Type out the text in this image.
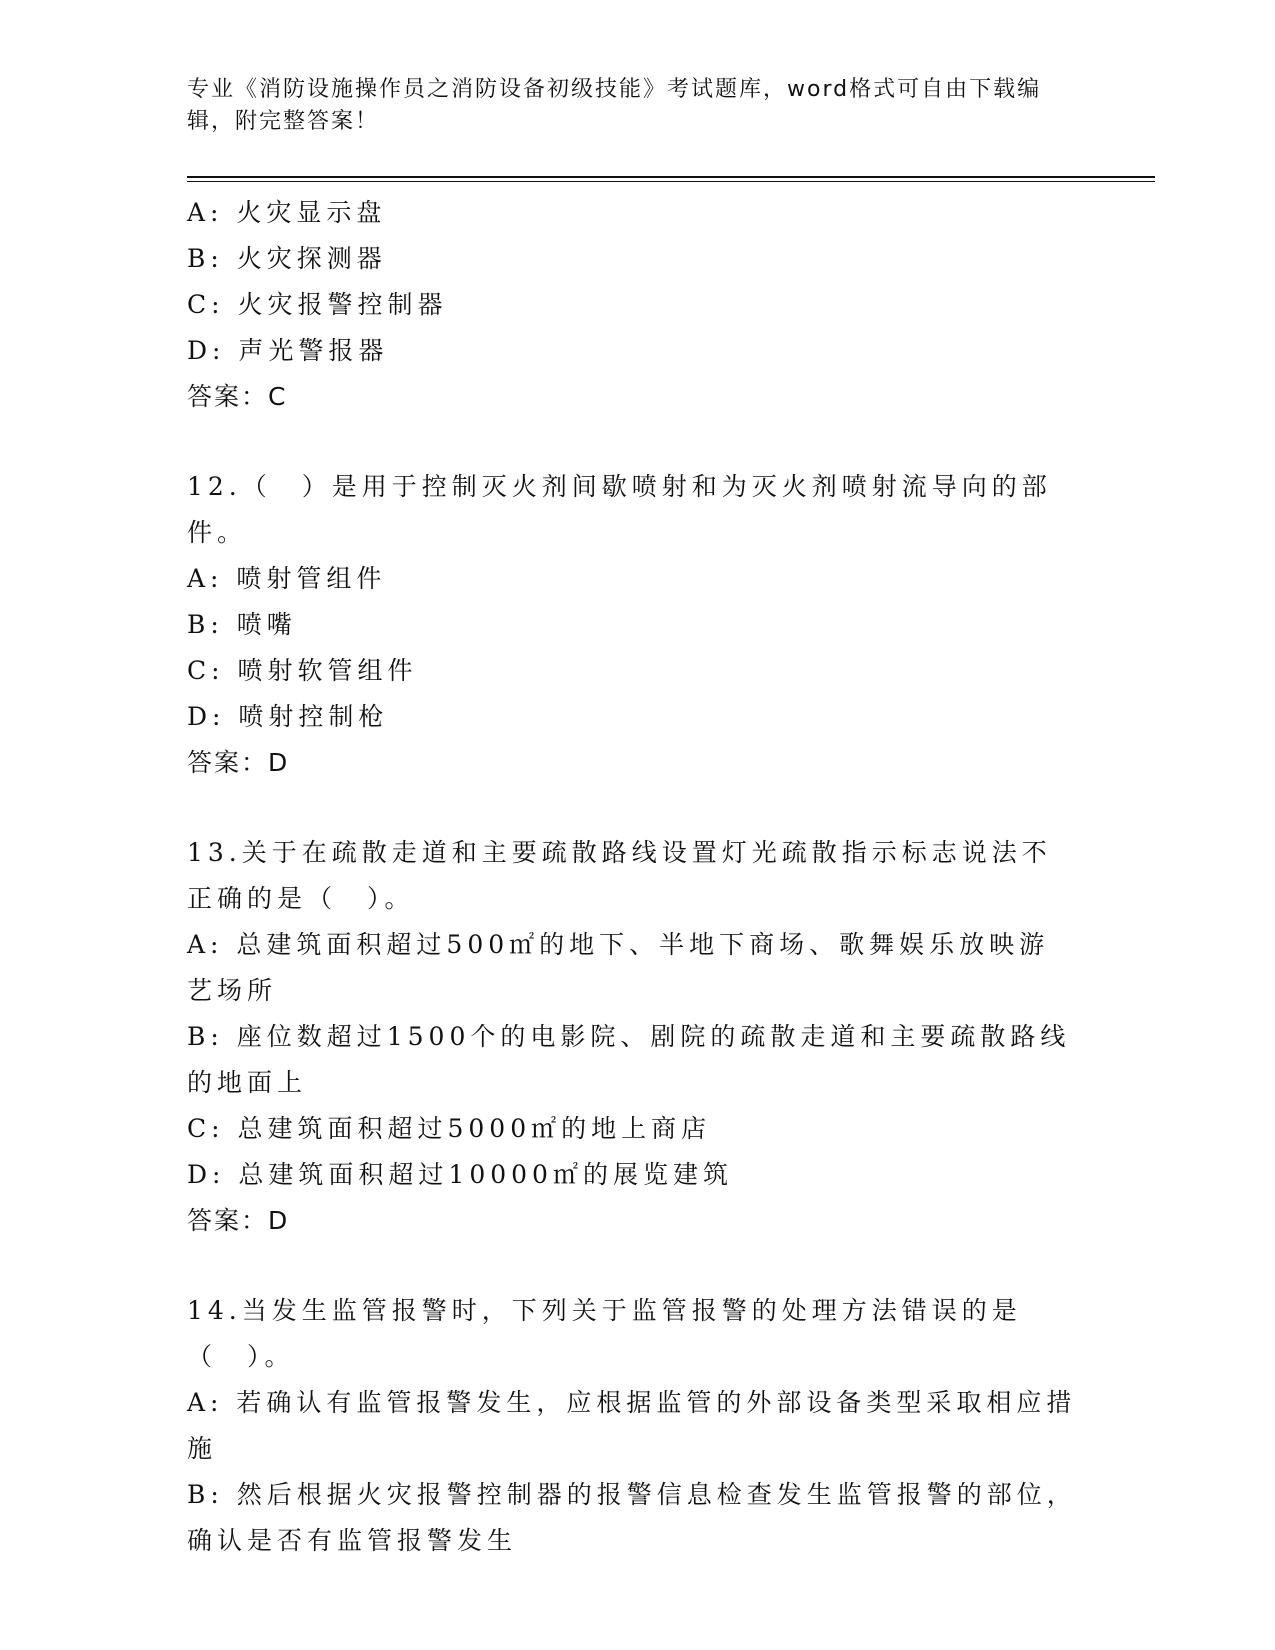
专业《消防设施操作员之消防设备初级技能》考试题库，word格式可自由下载编辑，附完整答案！
A: 火灾显示盘
B: 火灾探测器
C: 火灾报警控制器
D: 声光警报器
答案：C
12.（　）是用于控制灭火剂间歇喷射和为灭火剂喷射流导向的部件。
A: 喷射管组件
B: 喷嘴
C: 喷射软管组件
D: 喷射控制枪
答案：D
13.关于在疏散走道和主要疏散路线设置灯光疏散指示标志说法不正确的是（　）。
A: 总建筑面积超过500㎡的地下、半地下商场、歌舞娱乐放映游艺场所
B: 座位数超过1500个的电影院、剧院的疏散走道和主要疏散路线的地面上
C: 总建筑面积超过5000㎡的地上商店
D: 总建筑面积超过10000㎡的展览建筑
答案：D
14.当发生监管报警时，下列关于监管报警的处理方法错误的是（　）。
A: 若确认有监管报警发生，应根据监管的外部设备类型采取相应措施
B: 然后根据火灾报警控制器的报警信息检查发生监管报警的部位，确认是否有监管报警发生
